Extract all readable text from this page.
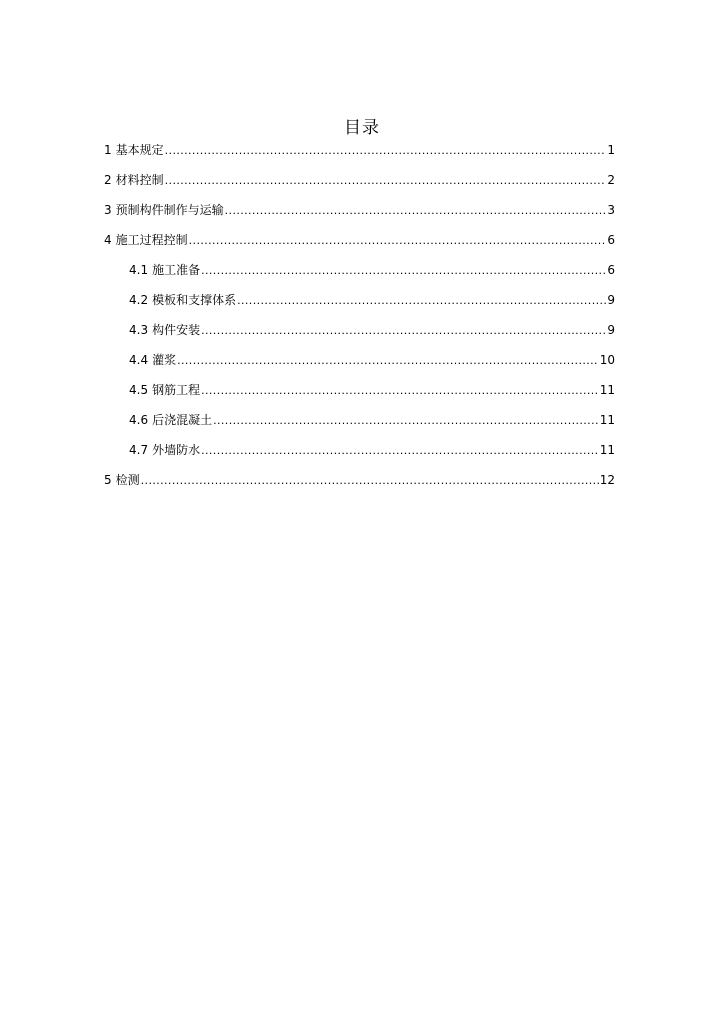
目录
1 基本规定 .....	1
2 材料控制 .....	2
3 预制构件制作与运输 .....	3
4 施工过程控制 .....	6
4.1 施工准备 .....	6
4.2 模板和支撑体系 .....	9
4.3 构件安装 .....	9
4.4 灌浆 .....	10
4.5 钢筋工程 .....	11
4.6 后浇混凝土 .....	11
4.7 外墙防水 .....	11
5 检测 .....	12
